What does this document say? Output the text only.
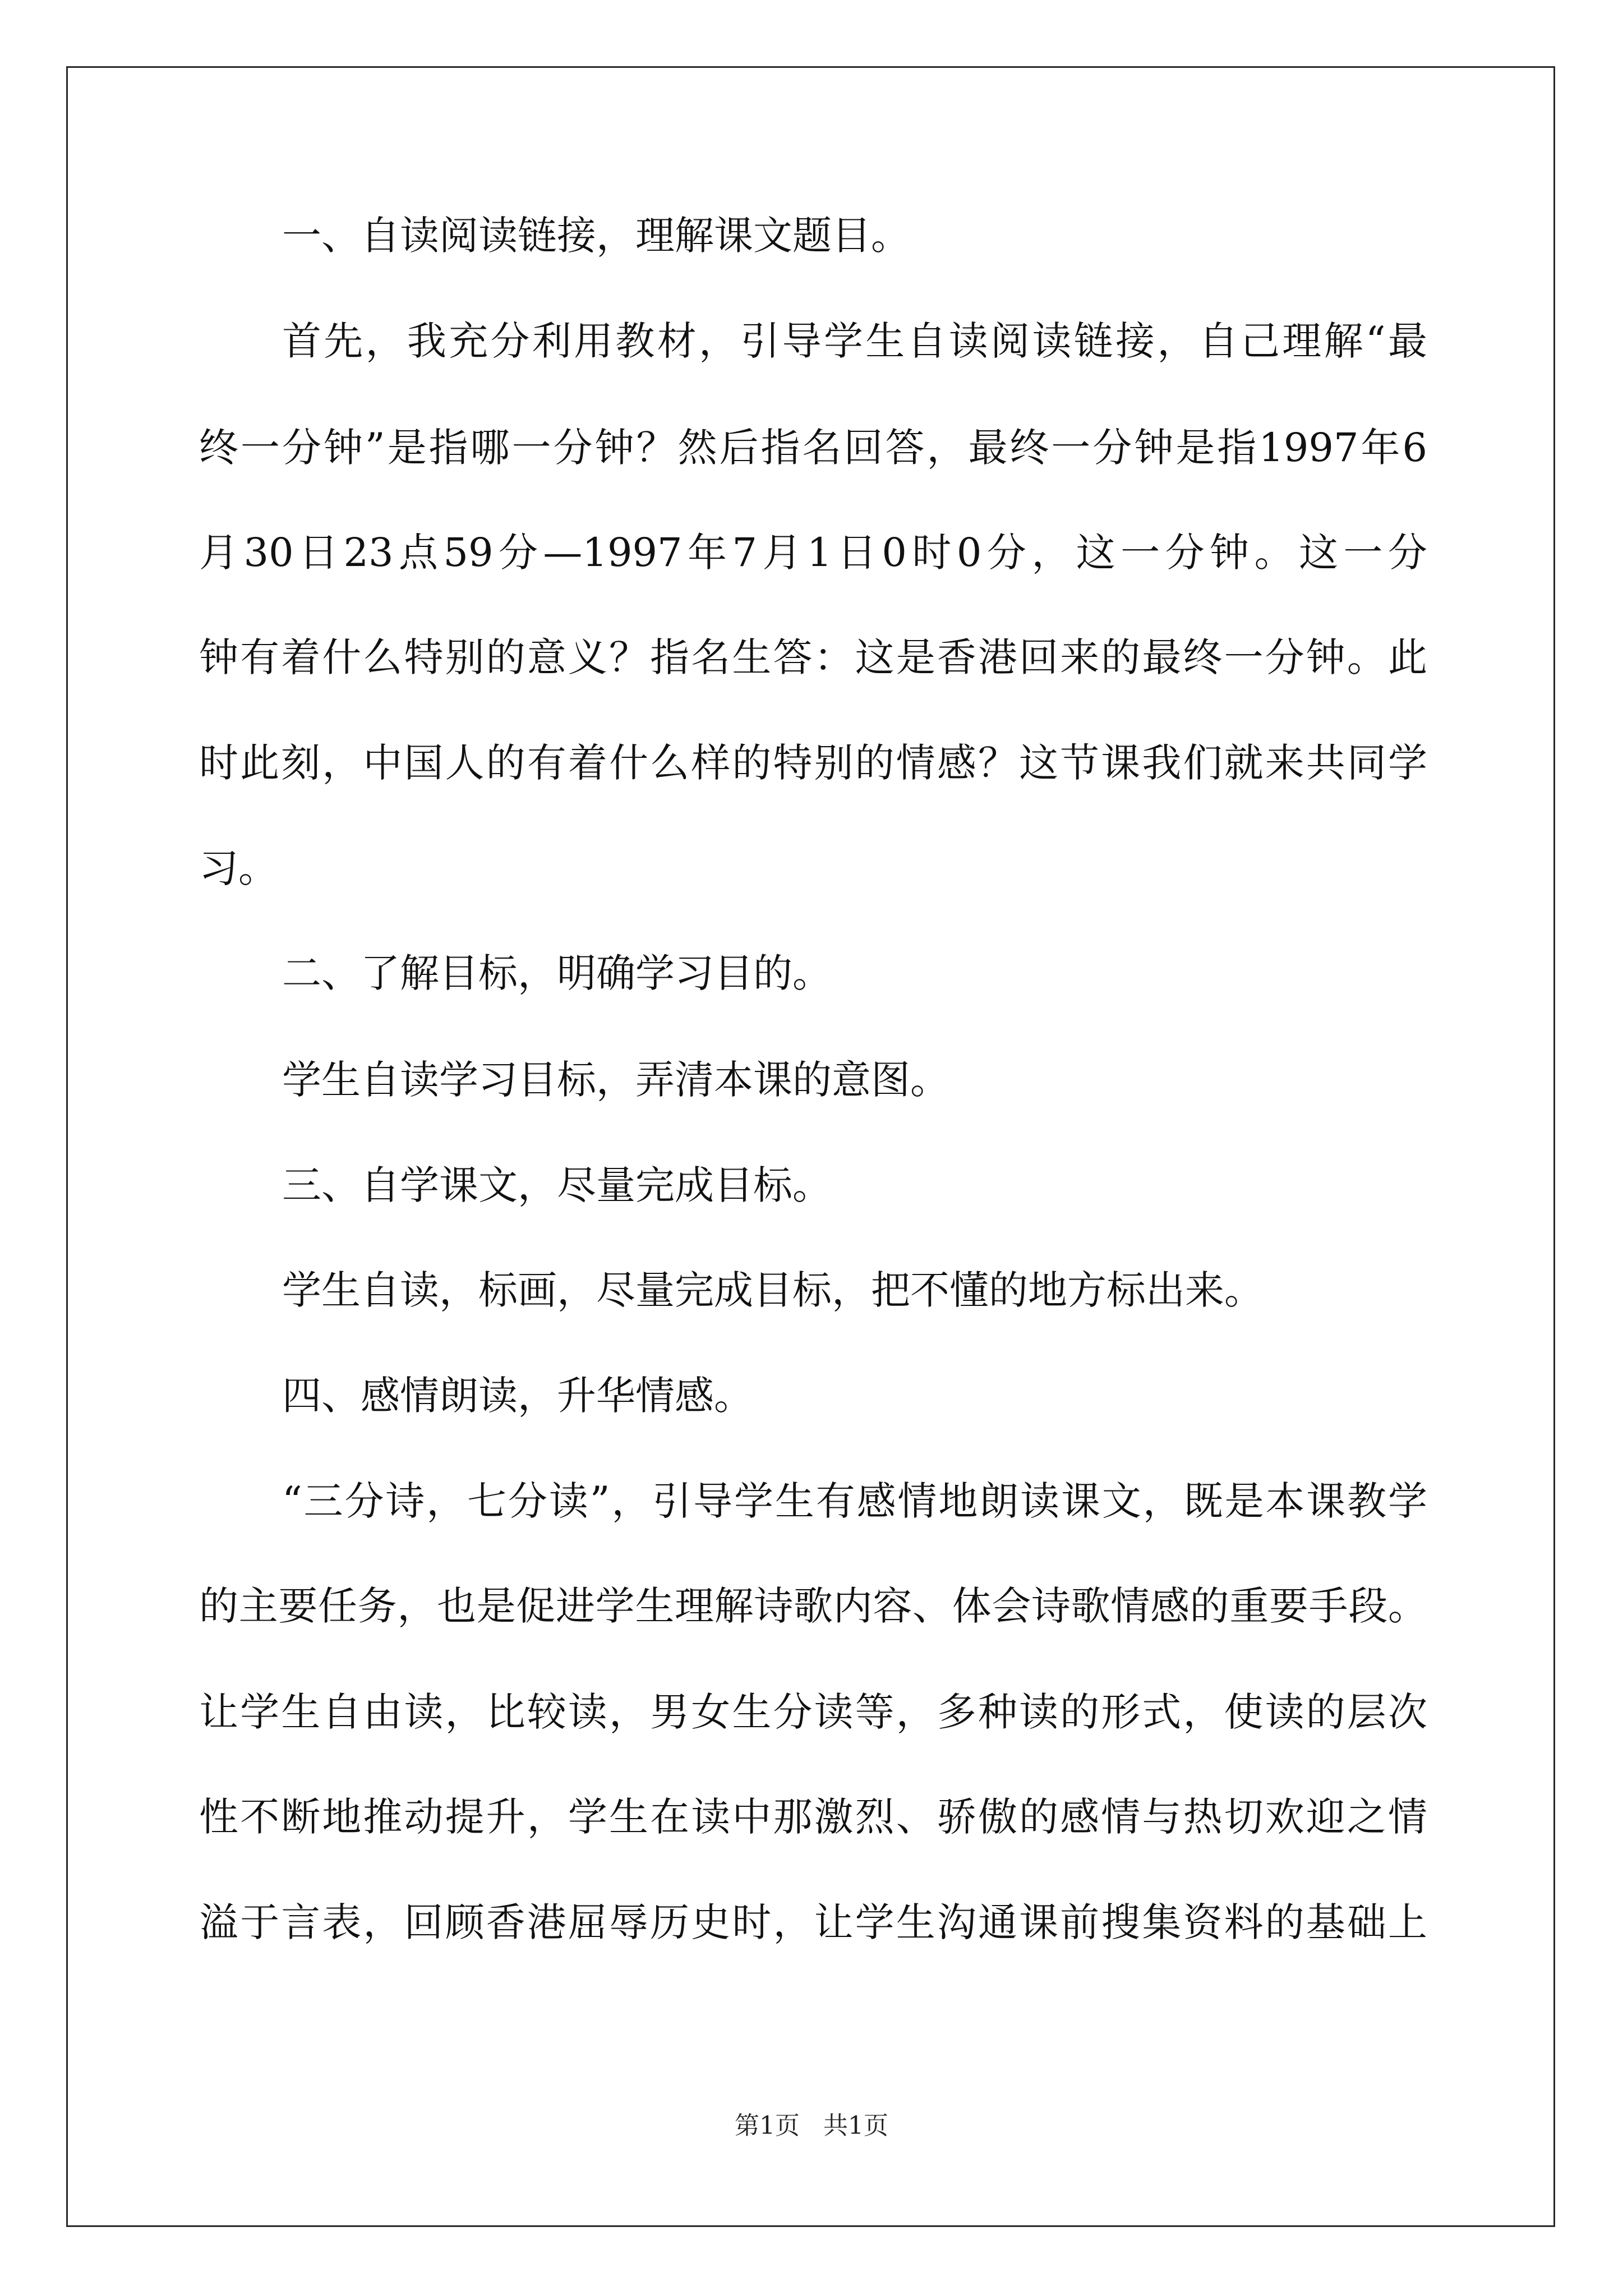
一、自读阅读链接，理解课文题目。
首先，我充分利用教材，引导学生自读阅读链接，自己理解“最
终一分钟”是指哪一分钟？然后指名回答，最终一分钟是指1997年6
月30日23点59分—1997年7月1日0时0分，这一分钟。这一分
钟有着什么特别的意义？指名生答：这是香港回来的最终一分钟。此
时此刻，中国人的有着什么样的特别的情感？这节课我们就来共同学
习。
二、了解目标，明确学习目的。
学生自读学习目标，弄清本课的意图。
三、自学课文，尽量完成目标。
学生自读，标画，尽量完成目标，把不懂的地方标出来。
四、感情朗读，升华情感。
“三分诗，七分读”，引导学生有感情地朗读课文，既是本课教学
的主要任务，也是促进学生理解诗歌内容、体会诗歌情感的重要手段。
让学生自由读，比较读，男女生分读等，多种读的形式，使读的层次
性不断地推动提升，学生在读中那激烈、骄傲的感情与热切欢迎之情
溢于言表，回顾香港屈辱历史时，让学生沟通课前搜集资料的基础上
第1页   共1页
